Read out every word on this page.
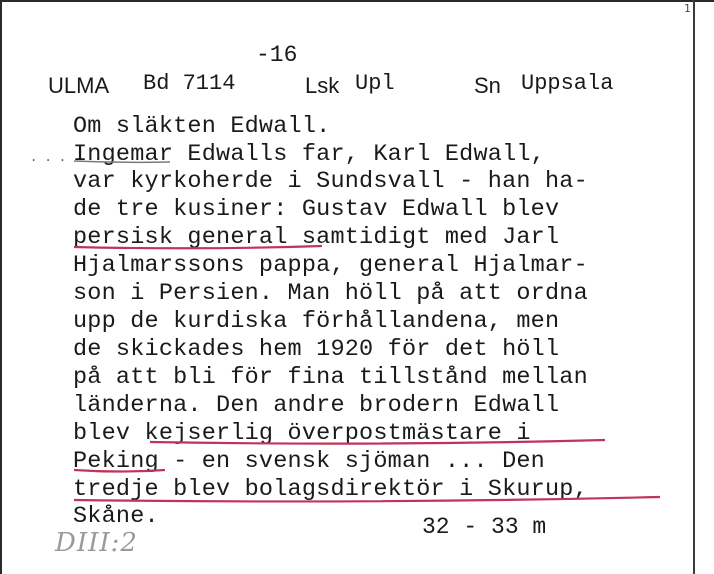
1
-16
ULMA Bd 7114	Lsk Upl	Sn Uppsala
. . .
Om släkten Edwall.
Ingemar Edwalls far, Karl Edwall,
var kyrkoherde i Sundsvall - han ha-
de tre kusiner: Gustav Edwall blev
persisk general samtidigt med Jarl
Hjalmarssons pappa, general Hjalmar-
son i Persien. Man höll på att ordna
upp de kurdiska förhållandena, men
de skickades hem 1920 för det höll
på att bli för fina tillstånd mellan
länderna. Den andre brodern Edwall
blev kejserlig överpostmästare i
Peking - en svensk sjöman ... Den
tredje blev bolagsdirektör i Skurup,
Skåne.	32 - 33 m
DIII:2
